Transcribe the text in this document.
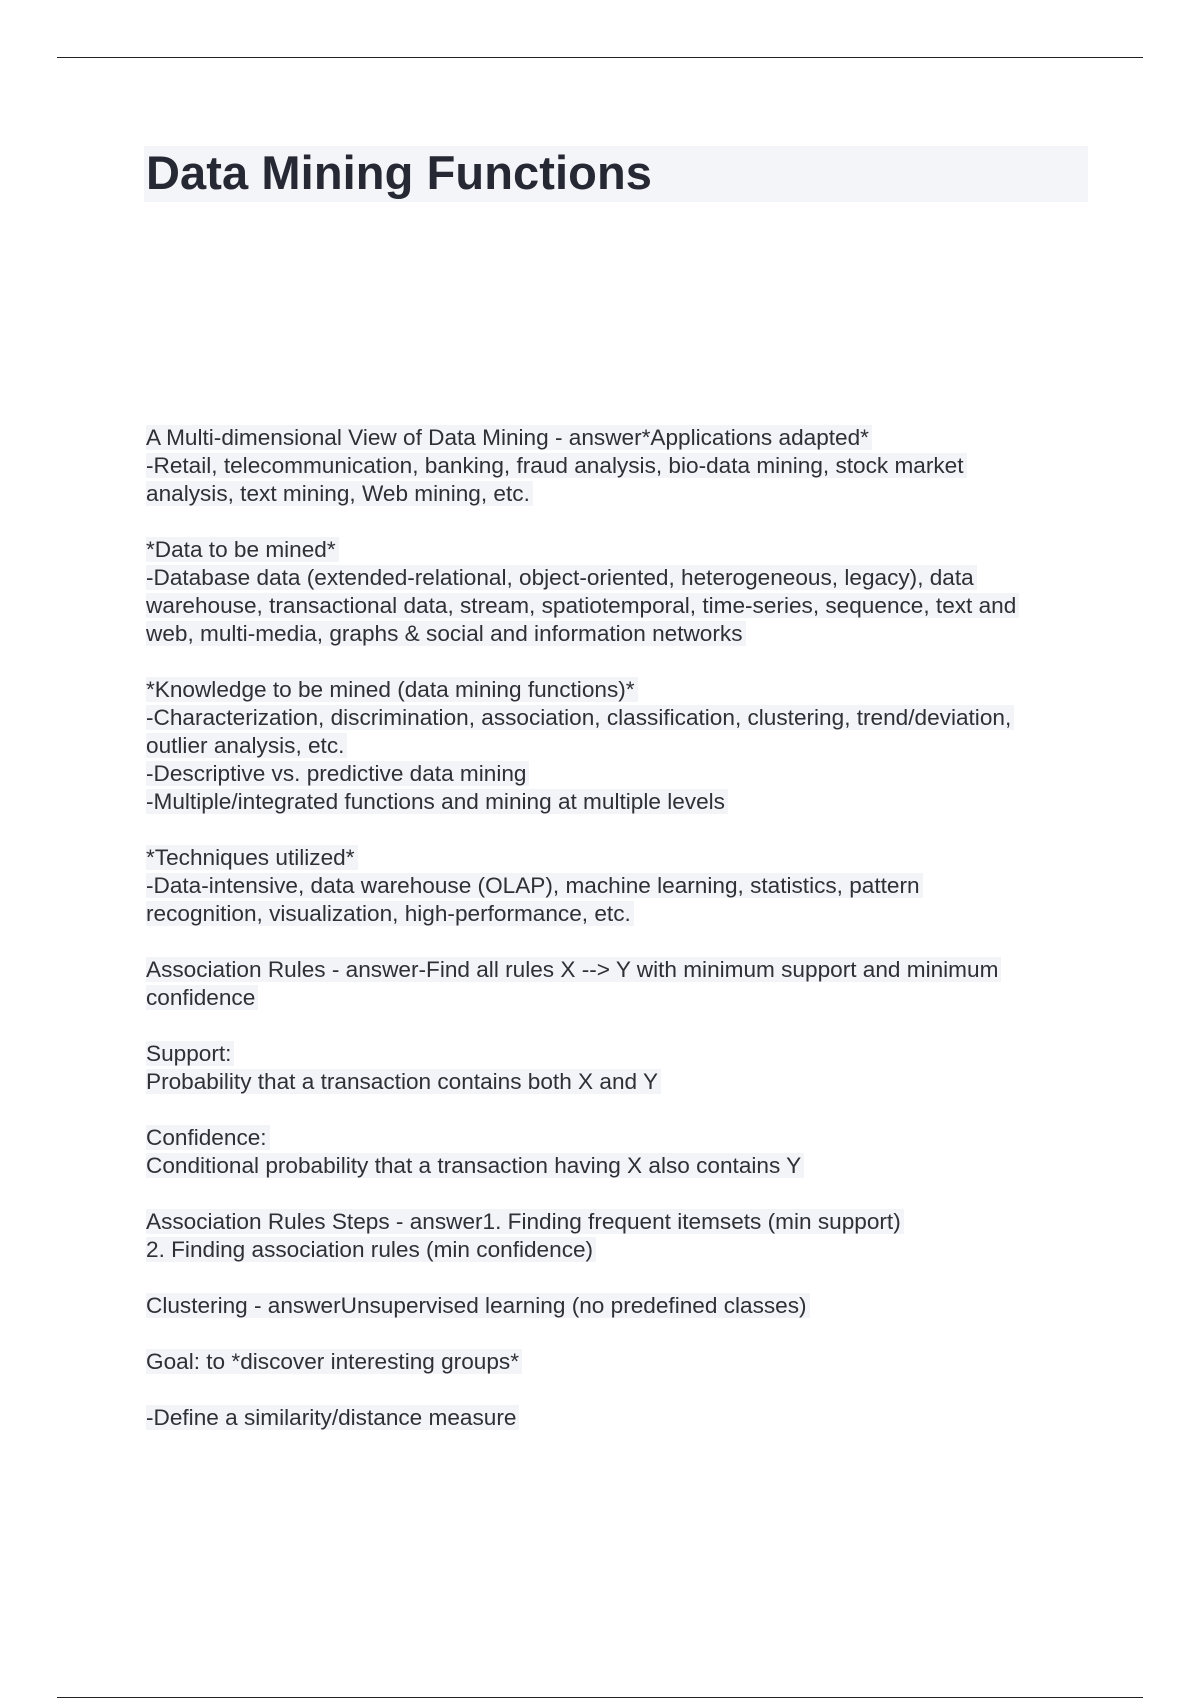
Data Mining Functions

A Multi-dimensional View of Data Mining - answer*Applications adapted*
-Retail, telecommunication, banking, fraud analysis, bio-data mining, stock market
analysis, text mining, Web mining, etc.

*Data to be mined*
-Database data (extended-relational, object-oriented, heterogeneous, legacy), data
warehouse, transactional data, stream, spatiotemporal, time-series, sequence, text and
web, multi-media, graphs & social and information networks

*Knowledge to be mined (data mining functions)*
-Characterization, discrimination, association, classification, clustering, trend/deviation,
outlier analysis, etc.
-Descriptive vs. predictive data mining
-Multiple/integrated functions and mining at multiple levels

*Techniques utilized*
-Data-intensive, data warehouse (OLAP), machine learning, statistics, pattern
recognition, visualization, high-performance, etc.

Association Rules - answer-Find all rules X --> Y with minimum support and minimum
confidence

Support:
Probability that a transaction contains both X and Y

Confidence:
Conditional probability that a transaction having X also contains Y

Association Rules Steps - answer1. Finding frequent itemsets (min support)
2. Finding association rules (min confidence)

Clustering - answerUnsupervised learning (no predefined classes)

Goal: to *discover interesting groups*

-Define a similarity/distance measure
